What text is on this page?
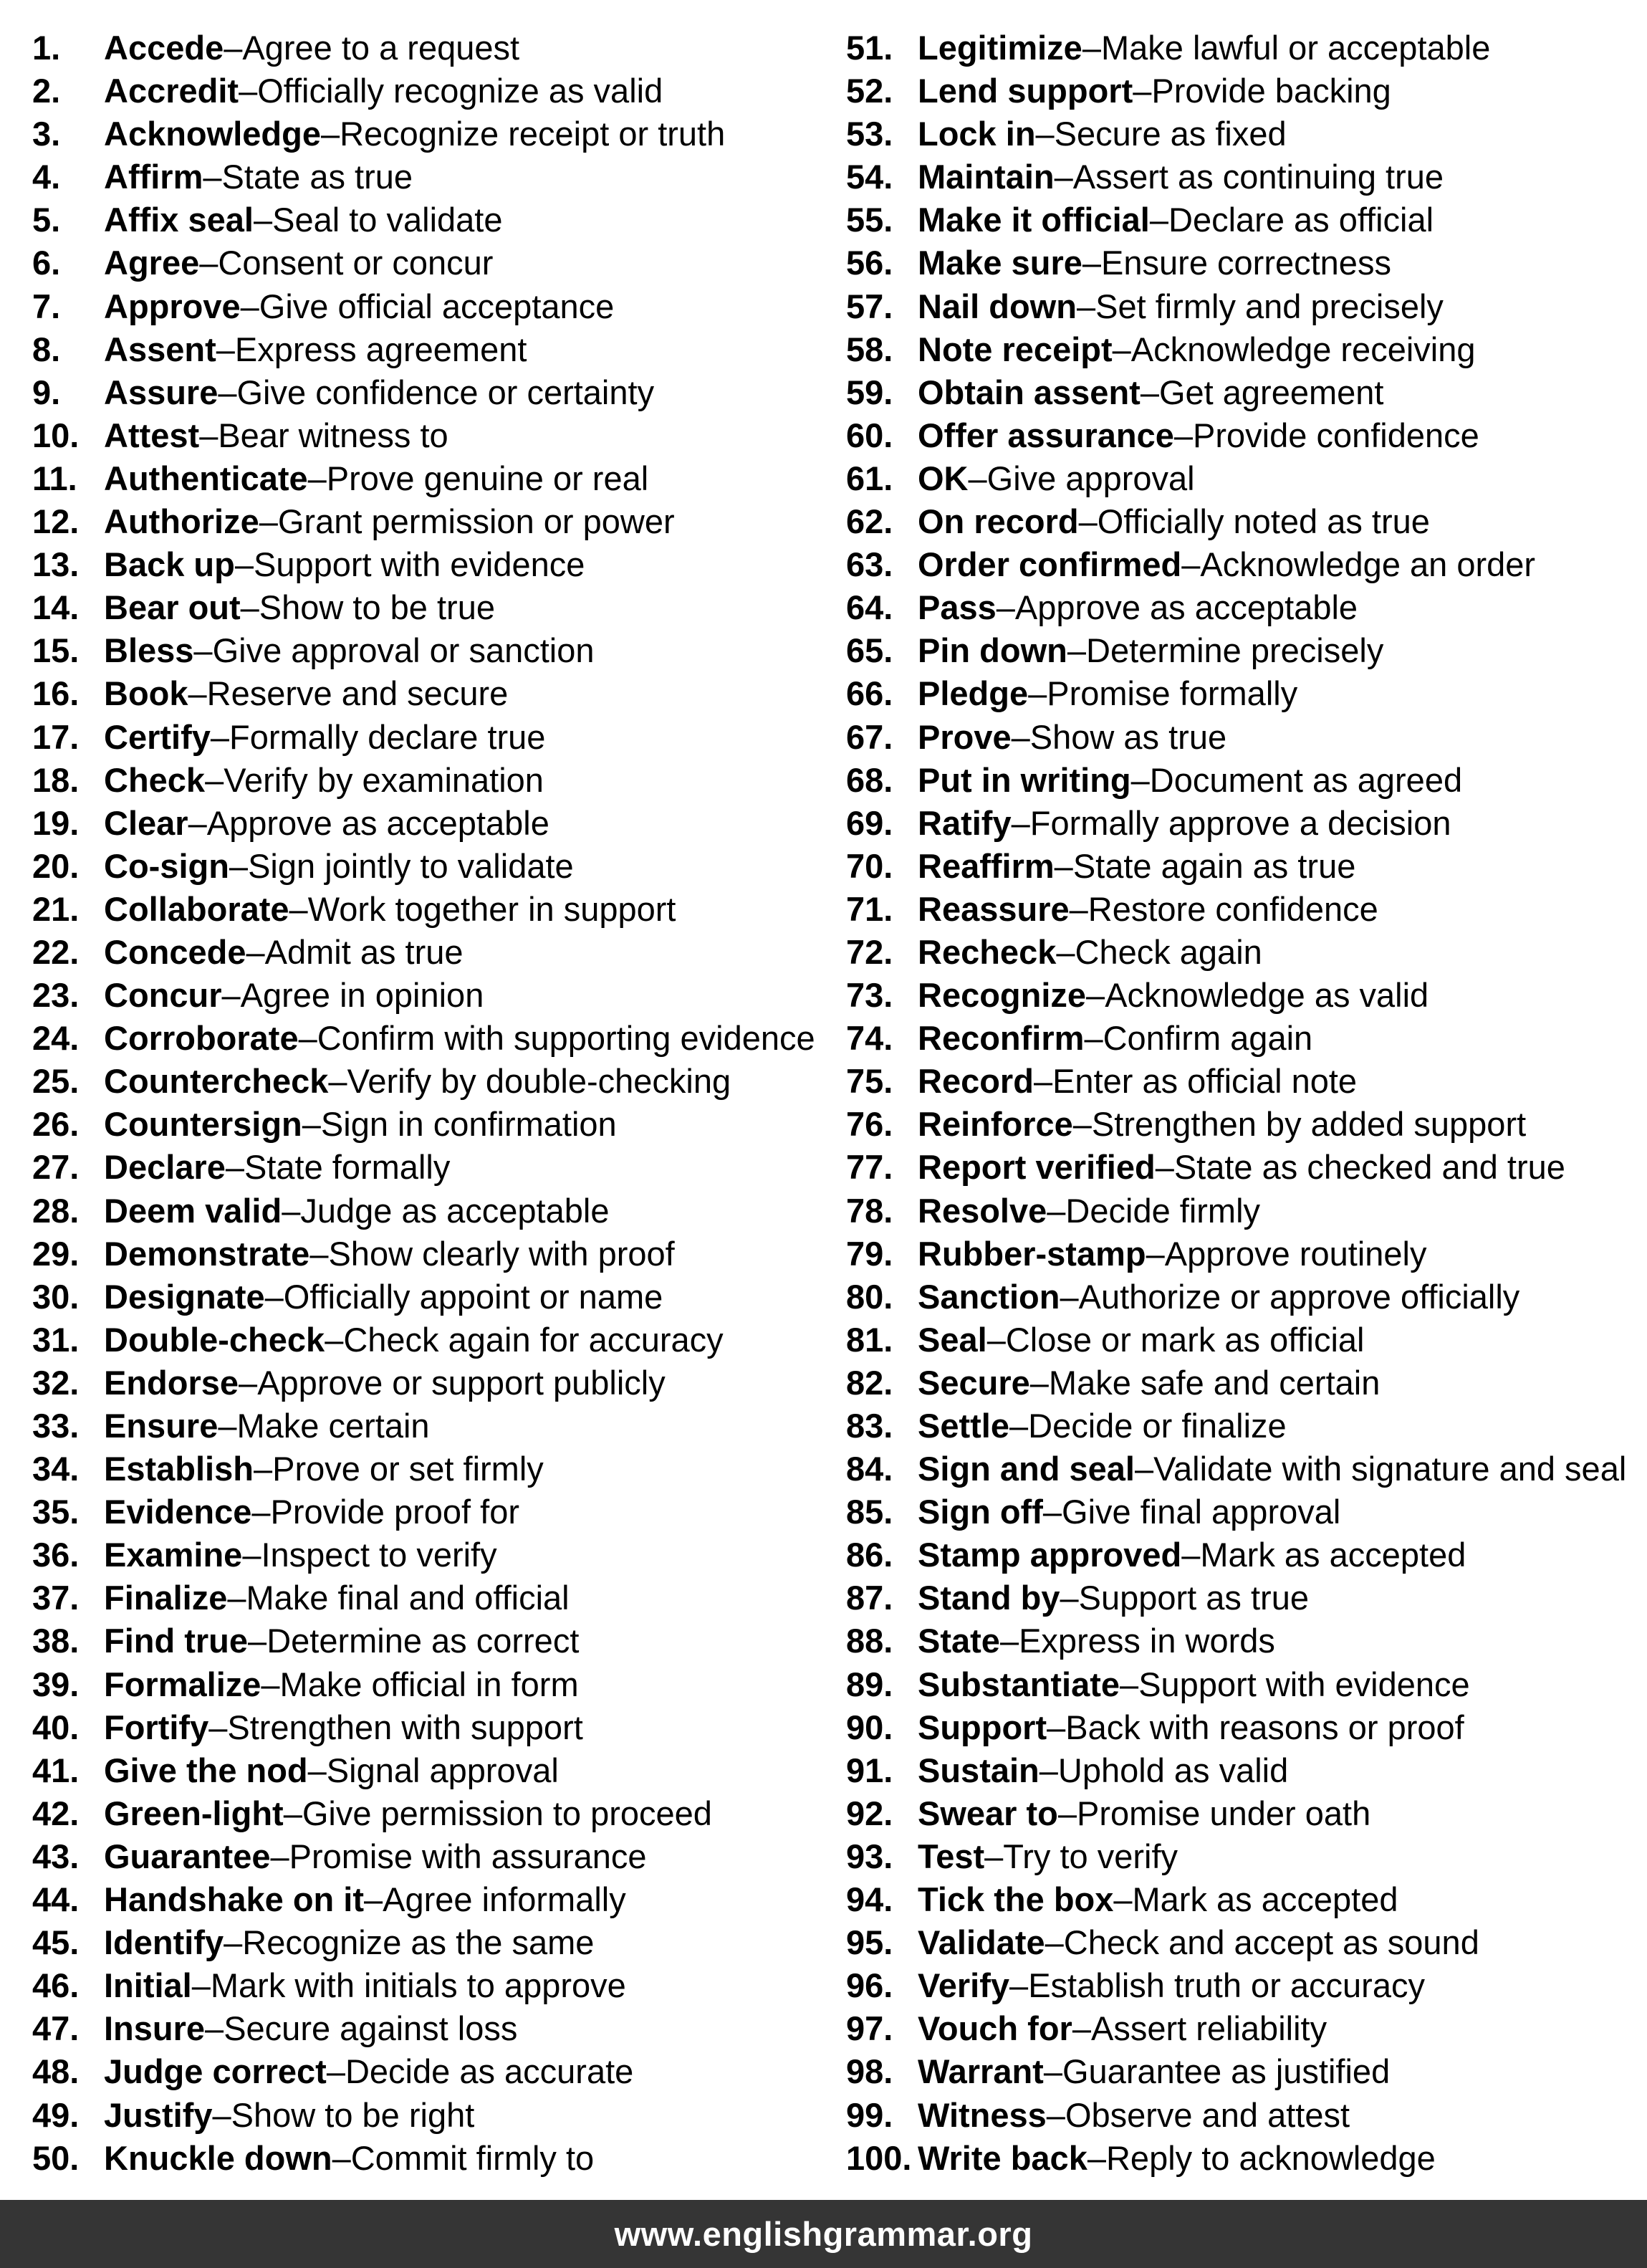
1.	Accede – Agree to a request
2.	Accredit – Officially recognize as valid
3.	Acknowledge – Recognize receipt or truth
4.	Affirm – State as true
5.	Affix seal – Seal to validate
6.	Agree – Consent or concur
7.	Approve – Give official acceptance
8.	Assent – Express agreement
9.	Assure – Give confidence or certainty
10. Attest – Bear witness to
11. Authenticate – Prove genuine or real
12. Authorize – Grant permission or power
13. Back up – Support with evidence
14. Bear out – Show to be true
15. Bless – Give approval or sanction
16. Book – Reserve and secure
17. Certify – Formally declare true
18. Check – Verify by examination
19. Clear – Approve as acceptable
20. Co-sign – Sign jointly to validate
21. Collaborate – Work together in support
22. Concede – Admit as true
23. Concur – Agree in opinion
24. Corroborate – Confirm with supporting evidence
25. Countercheck – Verify by double-checking
26. Countersign – Sign in confirmation
27. Declare – State formally
28. Deem valid – Judge as acceptable
29. Demonstrate – Show clearly with proof
30. Designate – Officially appoint or name
31. Double-check – Check again for accuracy
32. Endorse – Approve or support publicly
33. Ensure – Make certain
34. Establish – Prove or set firmly
35. Evidence – Provide proof for
36. Examine – Inspect to verify
37. Finalize – Make final and official
38. Find true – Determine as correct
39. Formalize – Make official in form
40. Fortify – Strengthen with support
41. Give the nod – Signal approval
42. Green-light – Give permission to proceed
43. Guarantee – Promise with assurance
44. Handshake on it – Agree informally
45. Identify – Recognize as the same
46. Initial – Mark with initials to approve
47. Insure – Secure against loss
48. Judge correct – Decide as accurate
49. Justify – Show to be right
50. Knuckle down – Commit firmly to
51. Legitimize – Make lawful or acceptable
52. Lend support – Provide backing
53. Lock in – Secure as fixed
54. Maintain – Assert as continuing true
55. Make it official – Declare as official
56. Make sure – Ensure correctness
57. Nail down – Set firmly and precisely
58. Note receipt – Acknowledge receiving
59. Obtain assent – Get agreement
60. Offer assurance – Provide confidence
61. OK – Give approval
62. On record – Officially noted as true
63. Order confirmed – Acknowledge an order
64. Pass – Approve as acceptable
65. Pin down – Determine precisely
66. Pledge – Promise formally
67. Prove – Show as true
68. Put in writing – Document as agreed
69. Ratify – Formally approve a decision
70. Reaffirm – State again as true
71. Reassure – Restore confidence
72. Recheck – Check again
73. Recognize – Acknowledge as valid
74. Reconfirm – Confirm again
75. Record – Enter as official note
76. Reinforce – Strengthen by added support
77. Report verified – State as checked and true
78. Resolve – Decide firmly
79. Rubber-stamp – Approve routinely
80. Sanction – Authorize or approve officially
81. Seal – Close or mark as official
82. Secure – Make safe and certain
83. Settle – Decide or finalize
84. Sign and seal – Validate with signature and seal
85. Sign off – Give final approval
86. Stamp approved – Mark as accepted
87. Stand by – Support as true
88. State – Express in words
89. Substantiate – Support with evidence
90. Support – Back with reasons or proof
91. Sustain – Uphold as valid
92. Swear to – Promise under oath
93. Test – Try to verify
94. Tick the box – Mark as accepted
95. Validate – Check and accept as sound
96. Verify – Establish truth or accuracy
97. Vouch for – Assert reliability
98. Warrant – Guarantee as justified
99. Witness – Observe and attest
100. Write back – Reply to acknowledge
www.englishgrammar.org
